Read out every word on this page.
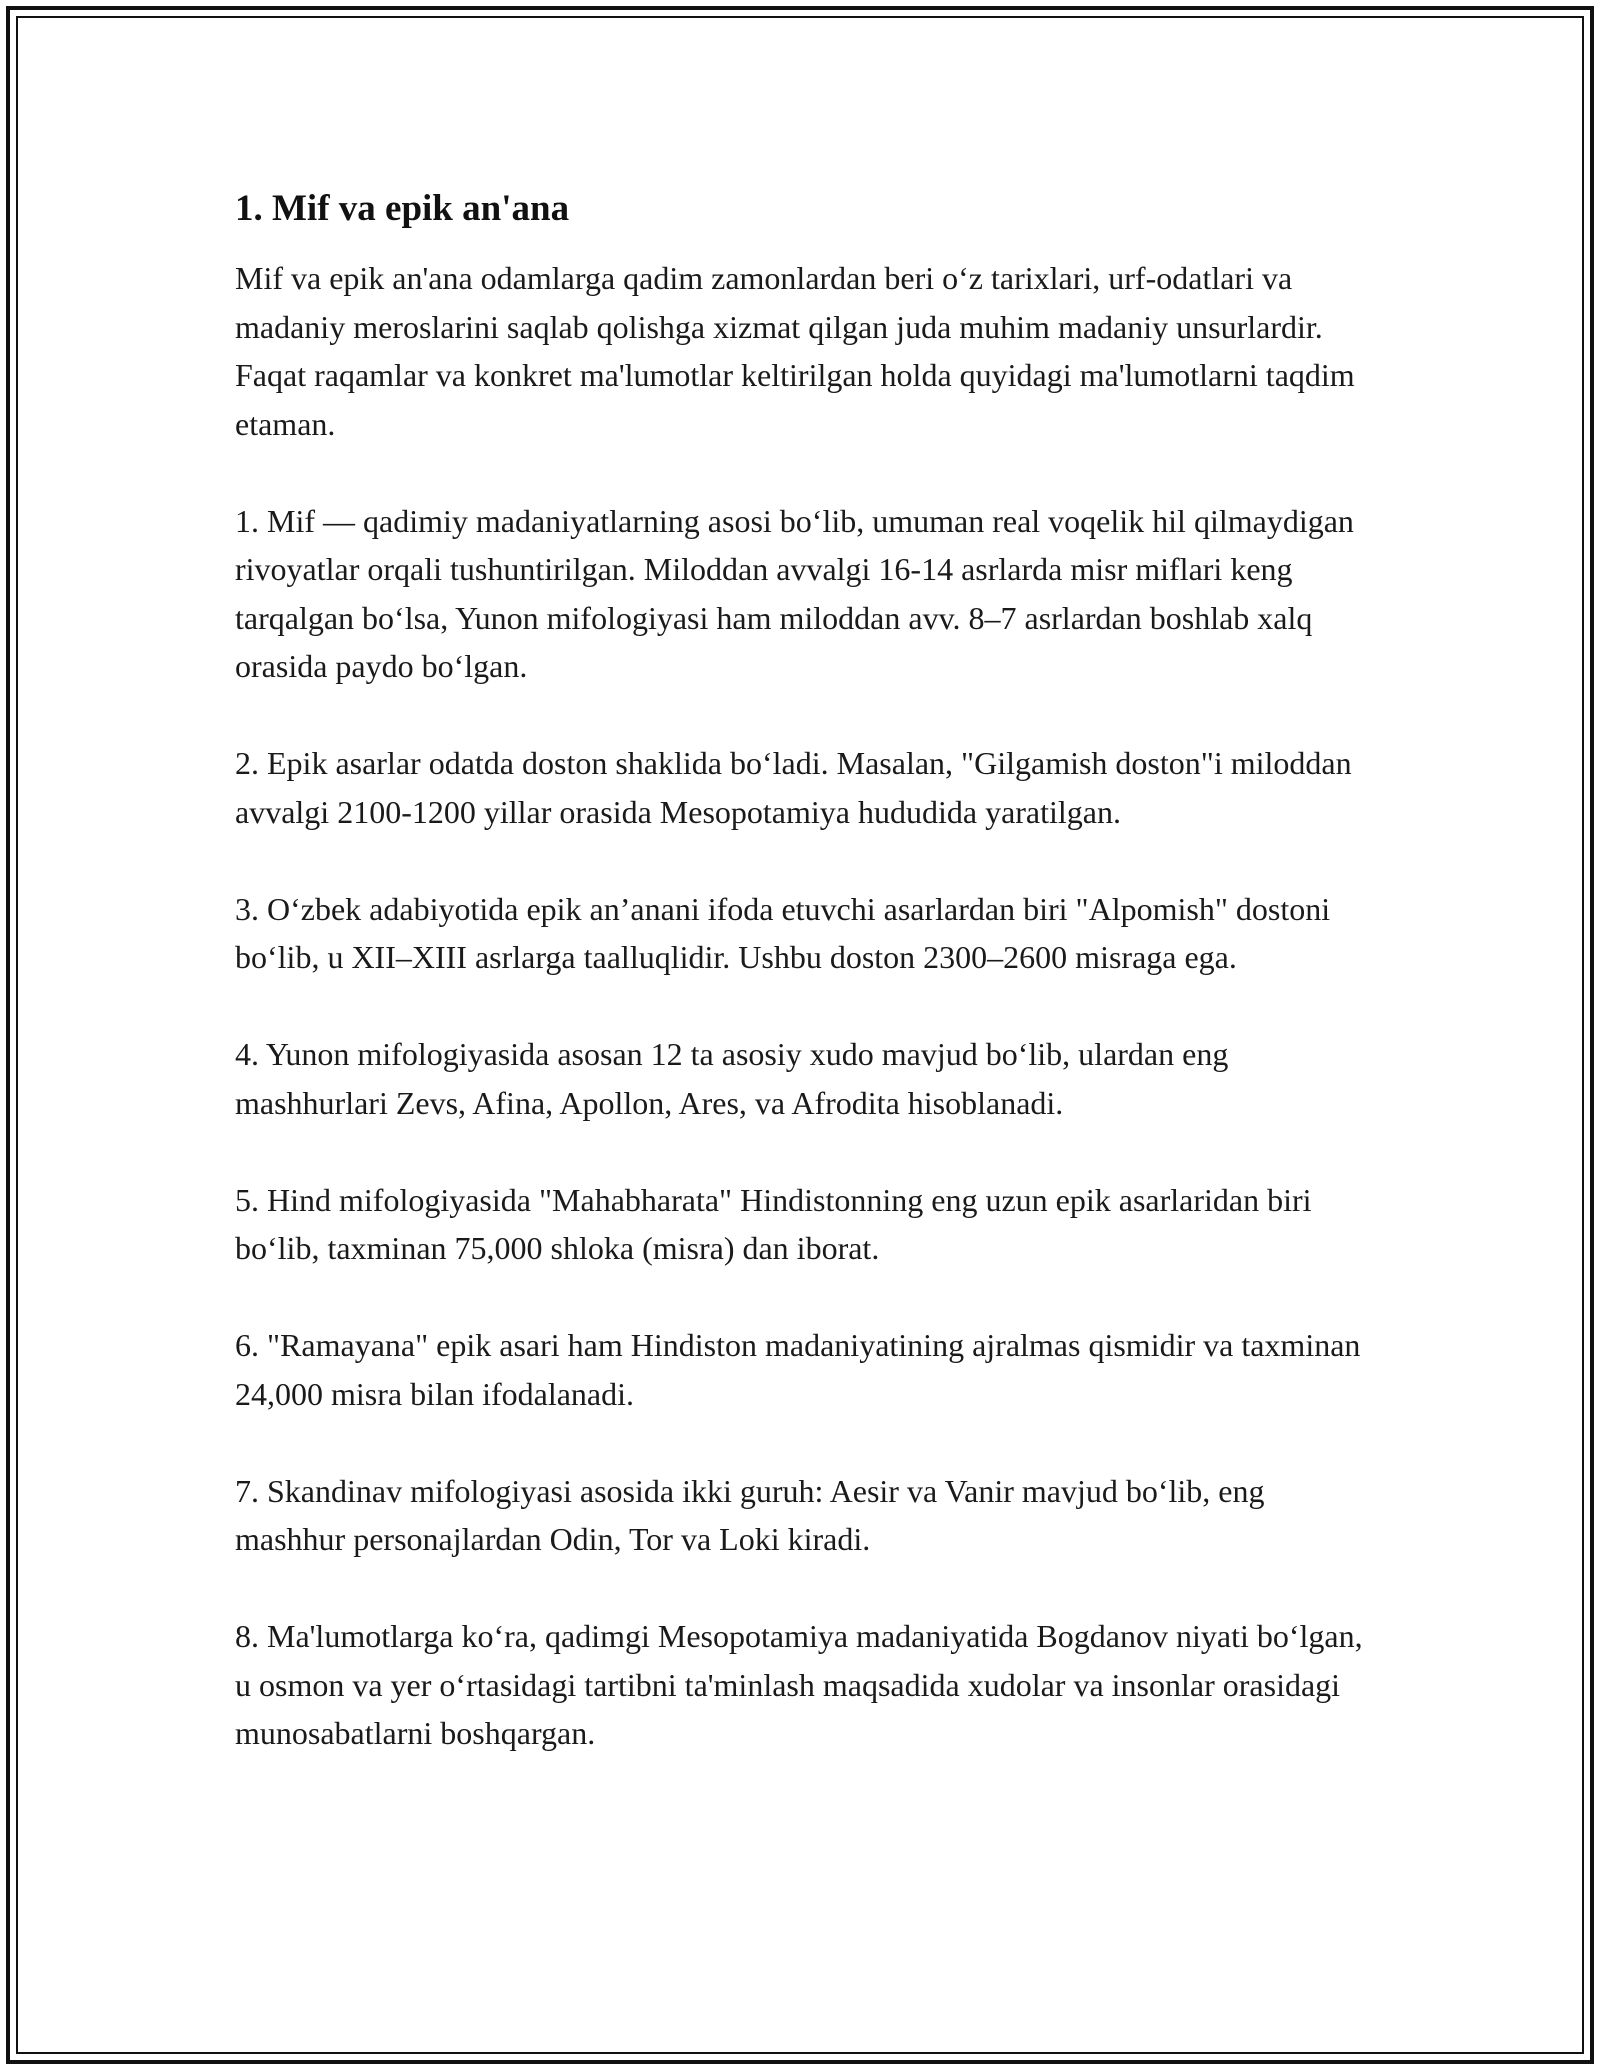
1. Mif va epik an'ana

Mif va epik an'ana odamlarga qadim zamonlardan beri o‘z tarixlari, urf-odatlari va madaniy meroslarini saqlab qolishga xizmat qilgan juda muhim madaniy unsurlardir. Faqat raqamlar va konkret ma'lumotlar keltirilgan holda quyidagi ma'lumotlarni taqdim etaman.

1. Mif — qadimiy madaniyatlarning asosi bo‘lib, umuman real voqelik hil qilmaydigan rivoyatlar orqali tushuntirilgan. Miloddan avvalgi 16-14 asrlarda misr miflari keng tarqalgan bo‘lsa, Yunon mifologiyasi ham miloddan avv. 8–7 asrlardan boshlab xalq orasida paydo bo‘lgan.

2. Epik asarlar odatda doston shaklida bo‘ladi. Masalan, "Gilgamish doston"i miloddan avvalgi 2100-1200 yillar orasida Mesopotamiya hududida yaratilgan.

3. O‘zbek adabiyotida epik an’anani ifoda etuvchi asarlardan biri "Alpomish" dostoni bo‘lib, u XII–XIII asrlarga taalluqlidir. Ushbu doston 2300–2600 misraga ega.

4. Yunon mifologiyasida asosan 12 ta asosiy xudo mavjud bo‘lib, ulardan eng mashhurlari Zevs, Afina, Apollon, Ares, va Afrodita hisoblanadi.

5. Hind mifologiyasida "Mahabharata" Hindistonning eng uzun epik asarlaridan biri bo‘lib, taxminan 75,000 shloka (misra) dan iborat.

6. "Ramayana" epik asari ham Hindiston madaniyatining ajralmas qismidir va taxminan 24,000 misra bilan ifodalanadi.

7. Skandinav mifologiyasi asosida ikki guruh: Aesir va Vanir mavjud bo‘lib, eng mashhur personajlardan Odin, Tor va Loki kiradi.

8. Ma'lumotlarga ko‘ra, qadimgi Mesopotamiya madaniyatida Bogdanov niyati bo‘lgan, u osmon va yer o‘rtasidagi tartibni ta'minlash maqsadida xudolar va insonlar orasidagi munosabatlarni boshqargan.
